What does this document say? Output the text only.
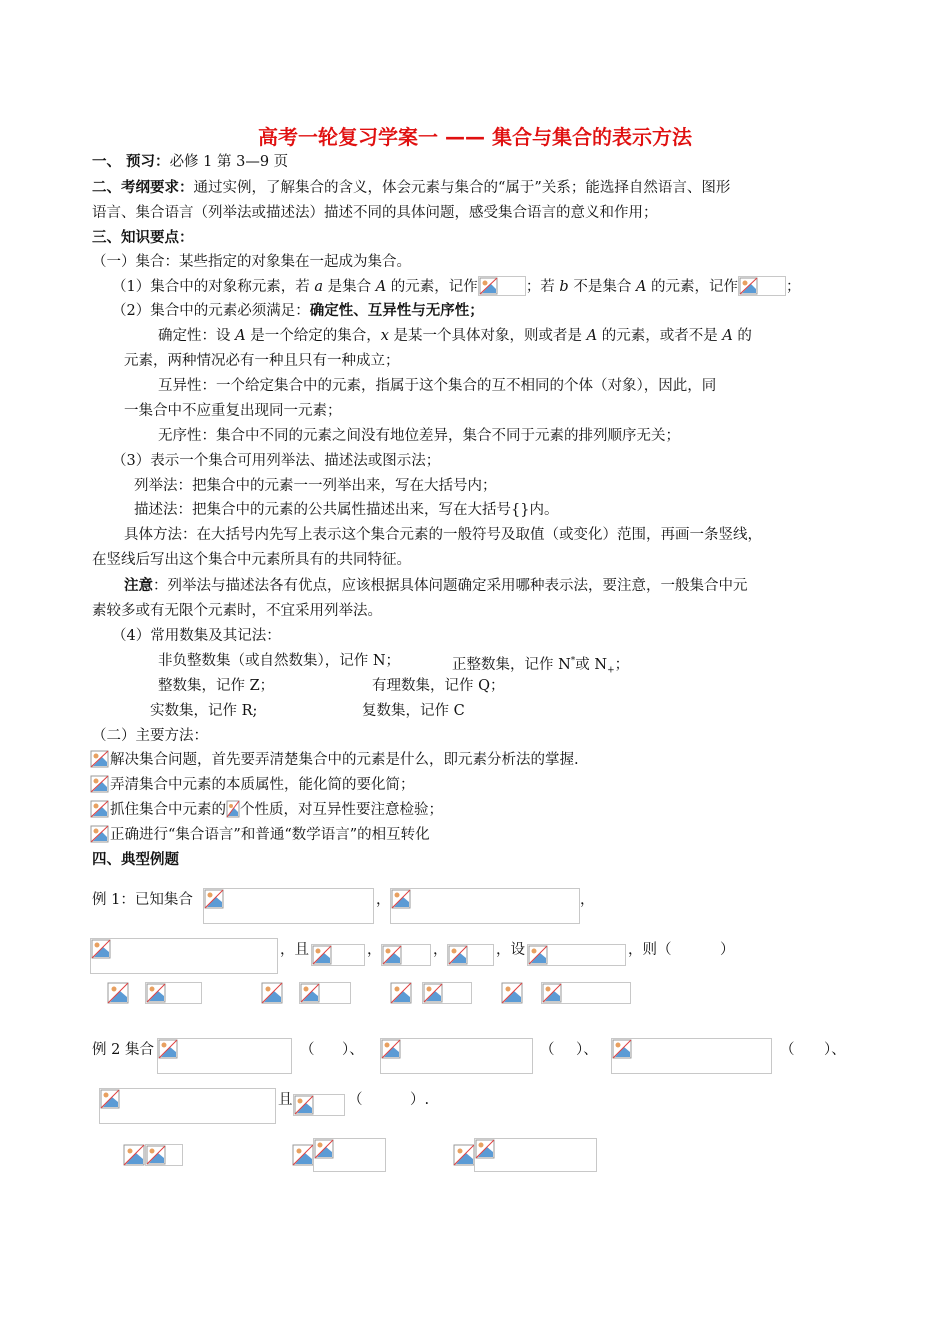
高考一轮复习学案一 —— 集合与集合的表示方法
一、 预习：必修 1 第 3—9 页
二、考纲要求：通过实例，了解集合的含义，体会元素与集合的“属于”关系；能选择自然语言、图形
语言、集合语言（列举法或描述法）描述不同的具体问题，感受集合语言的意义和作用；
三、知识要点：
（一）集合：某些指定的对象集在一起成为集合。
（1）集合中的对象称元素，若 a 是集合 A 的元素，记作	；若 b 不是集合 A 的元素，记作	；
（2）集合中的元素必须满足：确定性、互异性与无序性；
确定性：设 A 是一个给定的集合，x 是某一个具体对象，则或者是 A 的元素，或者不是 A 的
元素，两种情况必有一种且只有一种成立；
互异性：一个给定集合中的元素，指属于这个集合的互不相同的个体（对象），因此，同
一集合中不应重复出现同一元素；
无序性：集合中不同的元素之间没有地位差异，集合不同于元素的排列顺序无关；
（3）表示一个集合可用列举法、描述法或图示法；
列举法：把集合中的元素一一列举出来，写在大括号内；
描述法：把集合中的元素的公共属性描述出来，写在大括号{}内。
具体方法：在大括号内先写上表示这个集合元素的一般符号及取值（或变化）范围，再画一条竖线，
在竖线后写出这个集合中元素所具有的共同特征。
注意：列举法与描述法各有优点，应该根据具体问题确定采用哪种表示法，要注意，一般集合中元
素较多或有无限个元素时，不宜采用列举法。
（4）常用数集及其记法：
非负整数集（或自然数集），记作 N；	正整数集，记作 N*或 $N_+$；
整数集，记作 Z；	有理数集，记作 Q；
实数集，记作 R;	复数集，记作 C
（二）主要方法：
解决集合问题，首先要弄清楚集合中的元素是什么，即元素分析法的掌握.
弄清集合中元素的本质属性，能化简的要化简；
抓住集合中元素的 个性质，对互异性要注意检验；
正确进行“集合语言”和普通“数学语言”的相互转化
四、典型例题
例 1：已知集合	，	，
，且	，	，	，设	，则（	）
例 2 集合	（ ）、	（ ）、	（ ）、
且	（	）.
